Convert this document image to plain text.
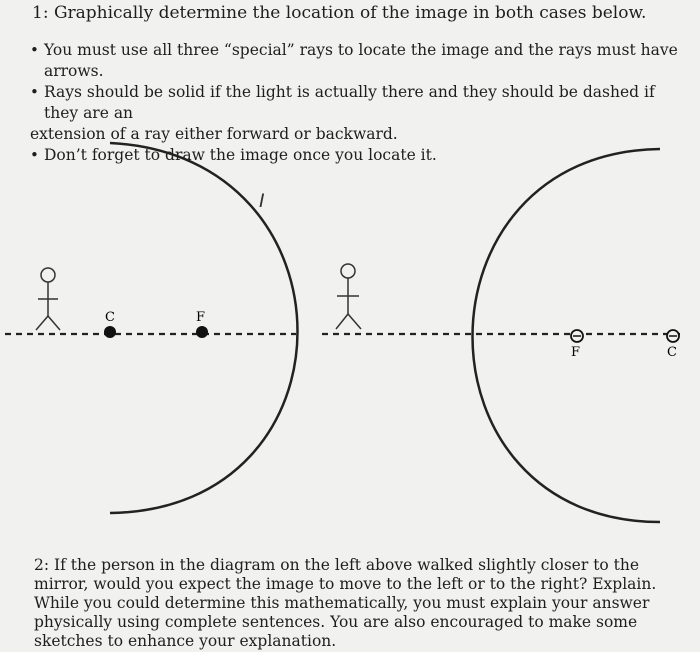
1: Graphically determine the location of the image in both cases below.
• You must use all three “special” rays to locate the image and the rays must have arrows.
• Rays should be solid if the light is actually there and they should be dashed if they are an
extension of a ray either forward or backward.
• Don’t forget to draw the image once you locate it.
C	F
I
F	C
2: If the person in the diagram on the left above walked slightly closer to the mirror, would you expect the image to move to the left or to the right? Explain. While you could determine this mathematically, you must explain your answer physically using complete sentences. You are also encouraged to make some sketches to enhance your explanation.
